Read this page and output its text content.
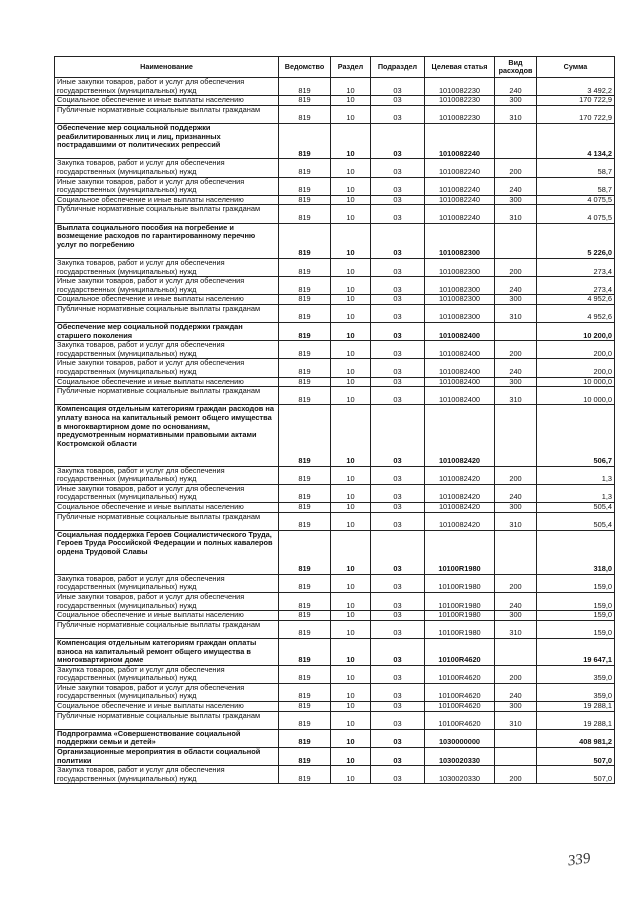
Наименование	Ведомство	Раздел	Подраздел	Целевая статья	Вид расходов	Сумма
Иные закупки товаров, работ и услуг для обеспечения государственных (муниципальных) нужд	819	10	03	1010082230	240	3 492,2
Социальное обеспечение и иные выплаты населению	819	10	03	1010082230	300	170 722,9
Публичные нормативные социальные выплаты гражданам	819	10	03	1010082230	310	170 722,9
Обеспечение мер социальной поддержки реабилитированных лиц и лиц, признанных пострадавшими от политических репрессий	819	10	03	1010082240		4 134,2
Закупка товаров, работ и услуг для обеспечения государственных (муниципальных) нужд	819	10	03	1010082240	200	58,7
Иные закупки товаров, работ и услуг для обеспечения государственных (муниципальных) нужд	819	10	03	1010082240	240	58,7
Социальное обеспечение и иные выплаты населению	819	10	03	1010082240	300	4 075,5
Публичные нормативные социальные выплаты гражданам	819	10	03	1010082240	310	4 075,5
Выплата социального пособия на погребение и возмещение расходов по гарантированному перечню услуг по погребению	819	10	03	1010082300		5 226,0
Закупка товаров, работ и услуг для обеспечения государственных (муниципальных) нужд	819	10	03	1010082300	200	273,4
Иные закупки товаров, работ и услуг для обеспечения государственных (муниципальных) нужд	819	10	03	1010082300	240	273,4
Социальное обеспечение и иные выплаты населению	819	10	03	1010082300	300	4 952,6
Публичные нормативные социальные выплаты гражданам	819	10	03	1010082300	310	4 952,6
Обеспечение мер социальной поддержки граждан старшего поколения	819	10	03	1010082400		10 200,0
Закупка товаров, работ и услуг для обеспечения государственных (муниципальных) нужд	819	10	03	1010082400	200	200,0
Иные закупки товаров, работ и услуг для обеспечения государственных (муниципальных) нужд	819	10	03	1010082400	240	200,0
Социальное обеспечение и иные выплаты населению	819	10	03	1010082400	300	10 000,0
Публичные нормативные социальные выплаты гражданам	819	10	03	1010082400	310	10 000,0
Компенсация отдельным категориям граждан расходов на уплату взноса на капитальный ремонт общего имущества в многоквартирном доме по основаниям, предусмотренным нормативными правовыми актами Костромской области	819	10	03	1010082420		506,7
Закупка товаров, работ и услуг для обеспечения государственных (муниципальных) нужд	819	10	03	1010082420	200	1,3
Иные закупки товаров, работ и услуг для обеспечения государственных (муниципальных) нужд	819	10	03	1010082420	240	1,3
Социальное обеспечение и иные выплаты населению	819	10	03	1010082420	300	505,4
Публичные нормативные социальные выплаты гражданам	819	10	03	1010082420	310	505,4
Социальная поддержка Героев Социалистического Труда, Героев Труда Российской Федерации и полных кавалеров ордена Трудовой Славы	819	10	03	10100R1980		318,0
Закупка товаров, работ и услуг для обеспечения государственных (муниципальных) нужд	819	10	03	10100R1980	200	159,0
Иные закупки товаров, работ и услуг для обеспечения государственных (муниципальных) нужд	819	10	03	10100R1980	240	159,0
Социальное обеспечение и иные выплаты населению	819	10	03	10100R1980	300	159,0
Публичные нормативные социальные выплаты гражданам	819	10	03	10100R1980	310	159,0
Компенсация отдельным категориям граждан оплаты взноса на капитальный ремонт общего имущества в многоквартирном доме	819	10	03	10100R4620		19 647,1
Закупка товаров, работ и услуг для обеспечения государственных (муниципальных) нужд	819	10	03	10100R4620	200	359,0
Иные закупки товаров, работ и услуг для обеспечения государственных (муниципальных) нужд	819	10	03	10100R4620	240	359,0
Социальное обеспечение и иные выплаты населению	819	10	03	10100R4620	300	19 288,1
Публичные нормативные социальные выплаты гражданам	819	10	03	10100R4620	310	19 288,1
Подпрограмма «Совершенствование социальной поддержки семьи и детей»	819	10	03	1030000000		408 981,2
Организационные мероприятия в области социальной политики	819	10	03	1030020330		507,0
Закупка товаров, работ и услуг для обеспечения государственных (муниципальных) нужд	819	10	03	1030020330	200	507,0
339
